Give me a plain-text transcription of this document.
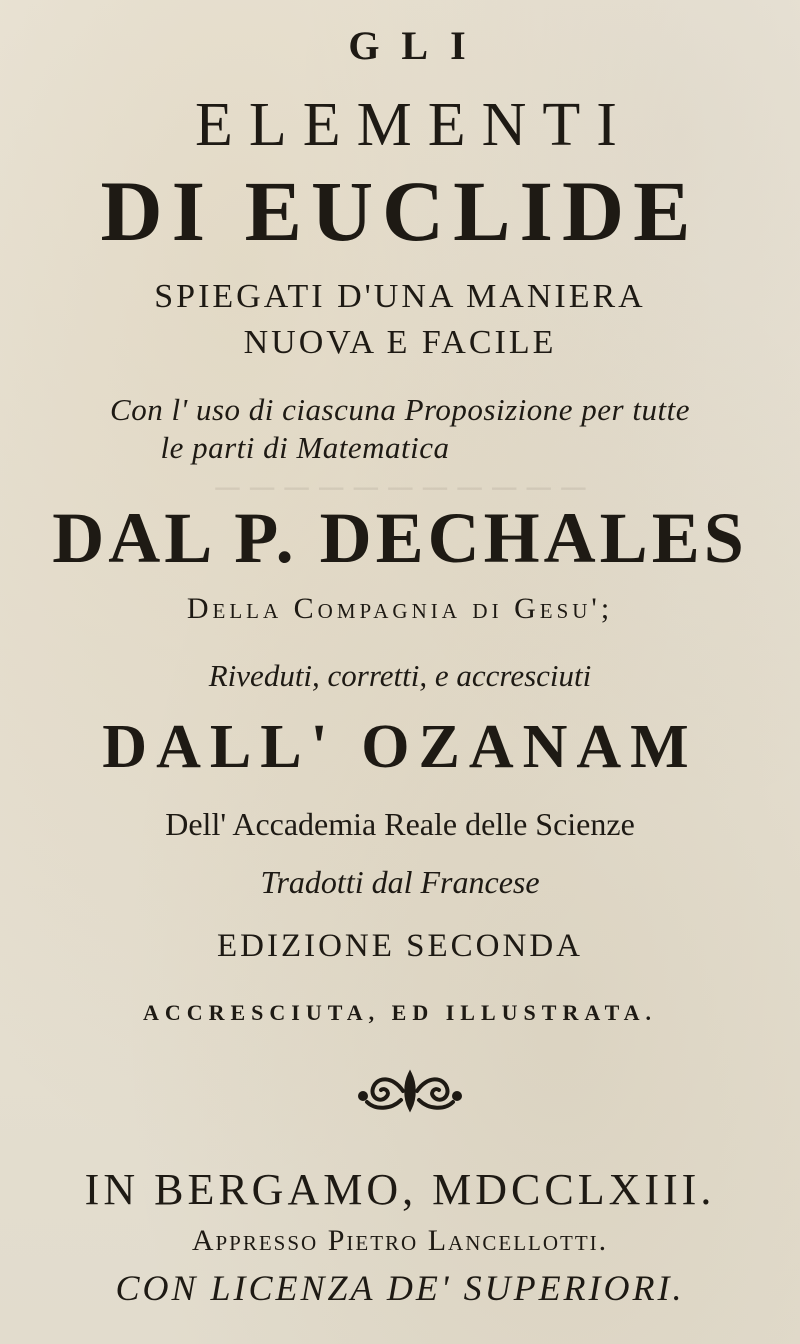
─ ─ ─ ─ ─ ─ ─ ─ ─ ─ ─
GLI
ELEMENTI
DI EUCLIDE
SPIEGATI D'UNA MANIERA
NUOVA E FACILE
Con l' uso di ciascuna Proposizione per tutte
le parti di Matematica
DAL P. DECHALES
Della Compagnia di Gesu';
Riveduti, corretti, e accresciuti
DALL' OZANAM
Dell' Accademia Reale delle Scienze
Tradotti dal Francese
EDIZIONE SECONDA
ACCRESCIUTA, ED ILLUSTRATA.
IN BERGAMO, MDCCLXIII.
Appresso Pietro Lancellotti.
CON LICENZA DE' SUPERIORI.
